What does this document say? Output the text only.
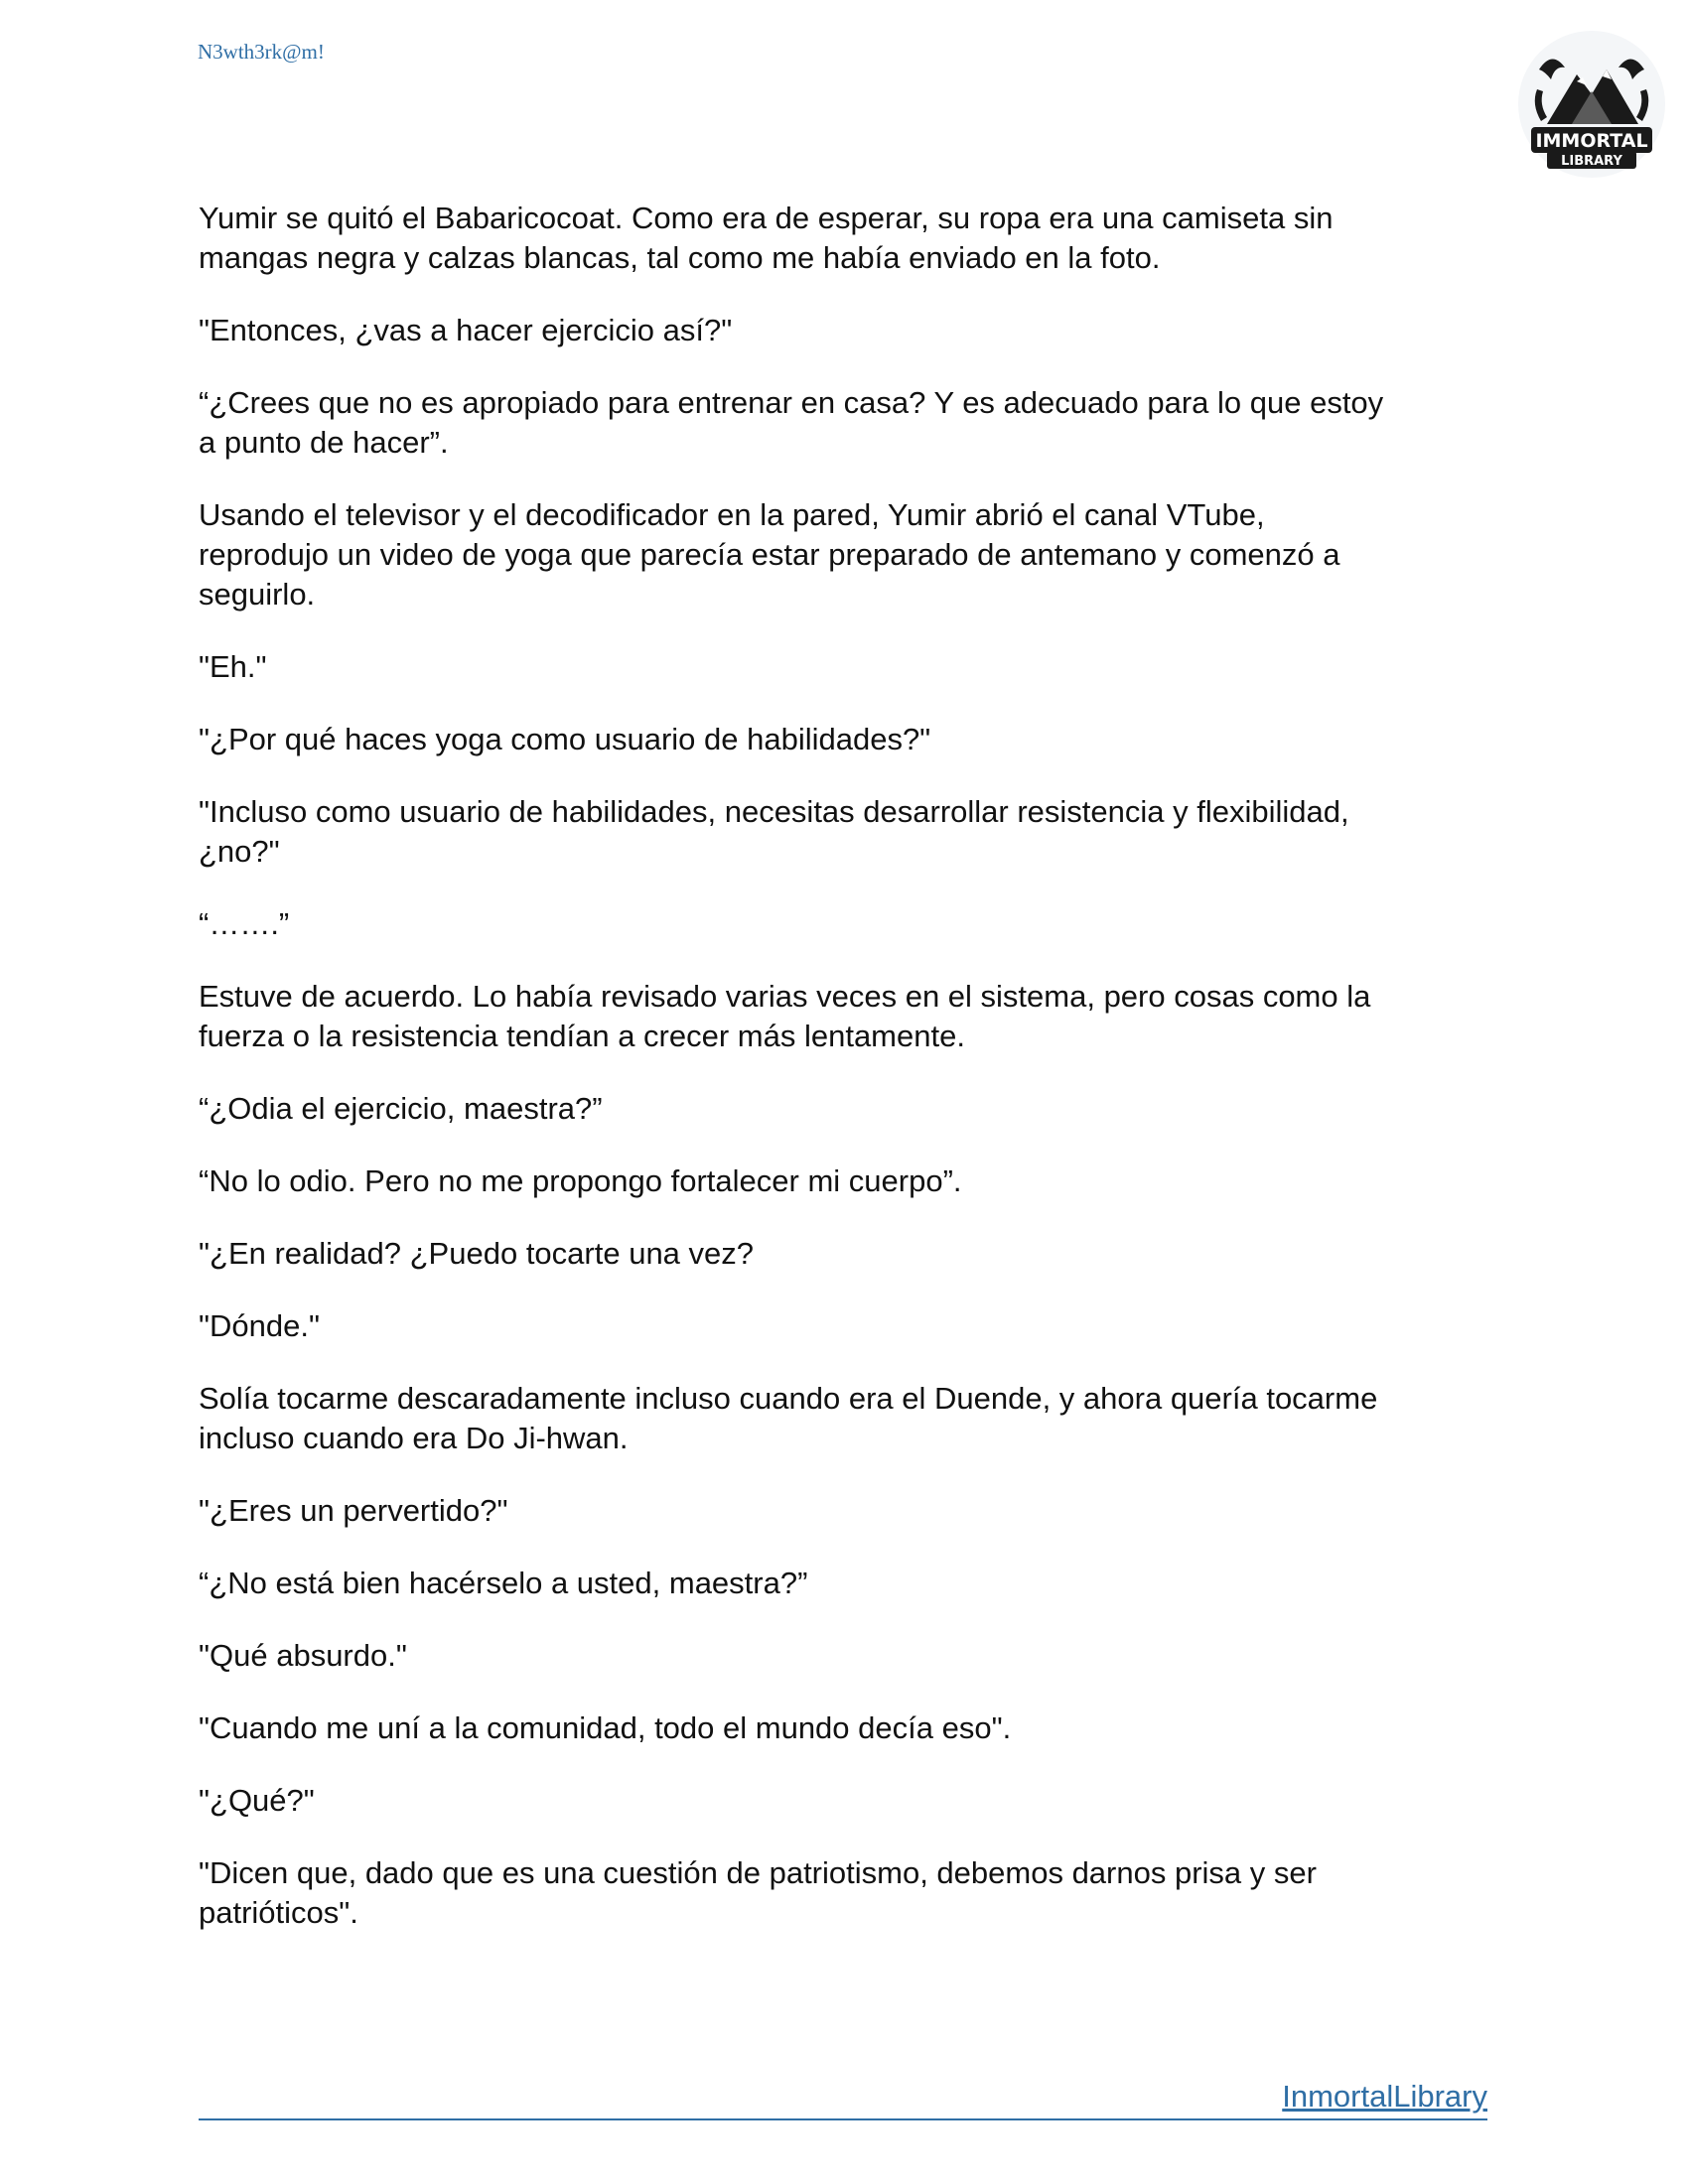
N3wth3rk@m!
IMMORTAL
LIBRARY

Yumir se quitó el Babaricocoat. Como era de esperar, su ropa era una camiseta sin
mangas negra y calzas blancas, tal como me había enviado en la foto.

"Entonces, ¿vas a hacer ejercicio así?"

“¿Crees que no es apropiado para entrenar en casa? Y es adecuado para lo que estoy
a punto de hacer”.

Usando el televisor y el decodificador en la pared, Yumir abrió el canal VTube,
reprodujo un video de yoga que parecía estar preparado de antemano y comenzó a
seguirlo.

"Eh."

"¿Por qué haces yoga como usuario de habilidades?"

"Incluso como usuario de habilidades, necesitas desarrollar resistencia y flexibilidad,
¿no?"

“…….”

Estuve de acuerdo. Lo había revisado varias veces en el sistema, pero cosas como la
fuerza o la resistencia tendían a crecer más lentamente.

“¿Odia el ejercicio, maestra?”

“No lo odio. Pero no me propongo fortalecer mi cuerpo”.

"¿En realidad? ¿Puedo tocarte una vez?

"Dónde."

Solía tocarme descaradamente incluso cuando era el Duende, y ahora quería tocarme
incluso cuando era Do Ji-hwan.

"¿Eres un pervertido?"

“¿No está bien hacérselo a usted, maestra?”

"Qué absurdo."

"Cuando me uní a la comunidad, todo el mundo decía eso".

"¿Qué?"

"Dicen que, dado que es una cuestión de patriotismo, debemos darnos prisa y ser
patrióticos".

InmortalLibrary
